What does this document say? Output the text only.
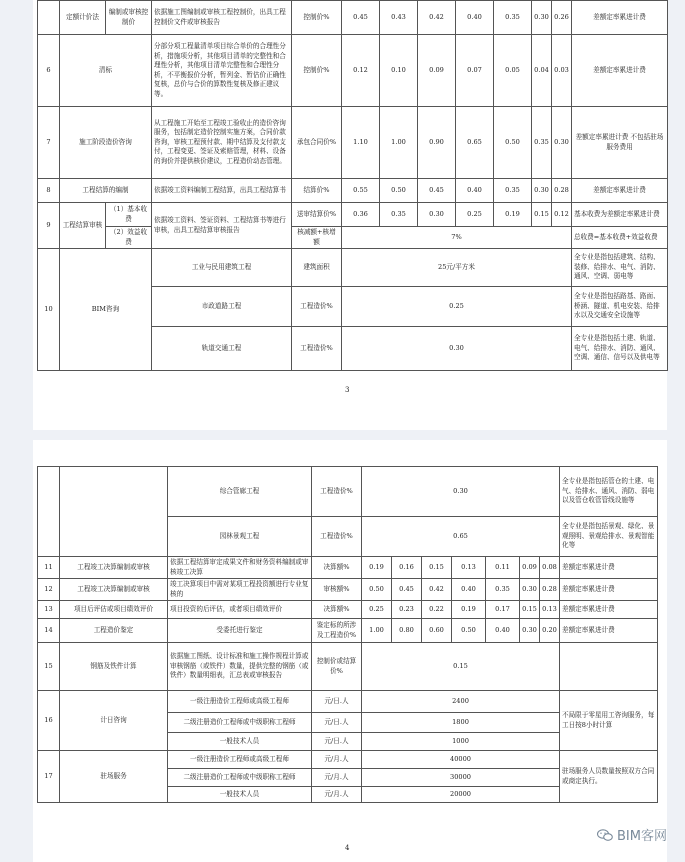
	定额计价法	编制或审核控制价	依据施工图编制或审核工程控制价，出具工程控制价文件或审核报告	控制价%	0.45	0.43	0.42	0.40	0.35	0.30	0.26	差额定率累进计费
6	清标		分部分项工程量清单项目综合单价的合理性分析，措施项分析，其他项目清单的完整性和合理性分析，其他项目清单完整性和合理性分析，不平衡报价分析，暂列金、暂估价正确性复核，总价与合价的算数性复核及修正建议等。	控制价%	0.12	0.10	0.09	0.07	0.05	0.04	0.03	差额定率累进计费
7	施工阶段造价咨询		从工程施工开始至工程竣工验收止的造价咨询服务，包括制定造价控制实施方案，合同价款咨询，审核工程预付款、期中结算及支付款支付，工程变更、签证及索赔管理，材料、设备的询价并提供核价建议，工程造价动态管理。	承包合同价%	1.10	1.00	0.90	0.65	0.50	0.35	0.30	差额定率累进计费 不包括驻场服务费用
8	工程结算的编制		依据竣工资料编制工程结算，出具工程结算书	结算价%	0.55	0.50	0.45	0.40	0.35	0.30	0.28	差额定率累进计费
9	工程结算审核	（1）基本收费	依据竣工资料、签证资料、工程结算书等进行审核，出具工程结算审核报告	送审结算价%	0.36	0.35	0.30	0.25	0.19	0.15	0.12	基本收费为差额定率累进计费
		（2）效益收费		核减额+核增额	7%							总收费=基本收费+效益收费
10	BIM咨询		工业与民用建筑工程	建筑面积	25元/平方米							全专业是指包括建筑、结构、装修、给排水、电气、消防、通风、空调、弱电等
			市政道路工程	工程造价%	0.25							全专业是指包括路基、路面、桥涵、隧道、机电安装、给排水以及交通安全设施等
			轨道交通工程	工程造价%	0.30							全专业是指包括土建、轨道、电气、给排水、消防、通风、空调、通信、信号以及供电等
3
		综合管廊工程	工程造价%	0.30							全专业是指包括管仓的土建、电气、给排水、通风、消防、弱电以及管仓收管管线设施等
		园林景观工程	工程造价%	0.65							全专业是指包括景观、绿化、景观照明、景观给排水、景观智能化等
11	工程竣工决算编制或审核	依据工程结算审定成果文件和财务资料编制或审核竣工决算	决算额%	0.19	0.16	0.15	0.13	0.11	0.09	0.08	差额定率累进计费
12	工程竣工决算编制或审核	竣工决算项目中需对某项工程投资额进行专业复核的	审核额%	0.50	0.45	0.42	0.40	0.35	0.30	0.28	差额定率累进计费
13	项目后评估或项目绩效评价	项目投资的后评估，或者项目绩效评价	决算额%	0.25	0.23	0.22	0.19	0.17	0.15	0.13	差额定率累进计费
14	工程造价鉴定	受委托进行鉴定	鉴定标的所涉及工程造价%	1.00	0.80	0.60	0.50	0.40	0.30	0.20	差额定率累进计费
15	钢筋及铁件计算	依据施工图纸、设计标准和施工操作规程计算或审核钢筋（或铁件）数量，提供完整的钢筋（或铁件）数量明细表，汇总表或审核报告	控制价或结算价%	0.15							
16	计日咨询	一级注册造价工程师或高级工程师	元/日.人	2400							不局限于零星用工咨询服务，每工日按8小时计算
		二级注册造价工程师或中级职称工程师	元/日.人	1800							
		一般技术人员	元/日.人	1000							
17	驻场服务	一级注册造价工程师或高级工程师	元/月.人	40000							驻场服务人员数量按照双方合同或商定执行。
		二级注册造价工程师或中级职称工程师	元/月.人	30000							
		一般技术人员	元/月.人	20000							
4
BIM客网
